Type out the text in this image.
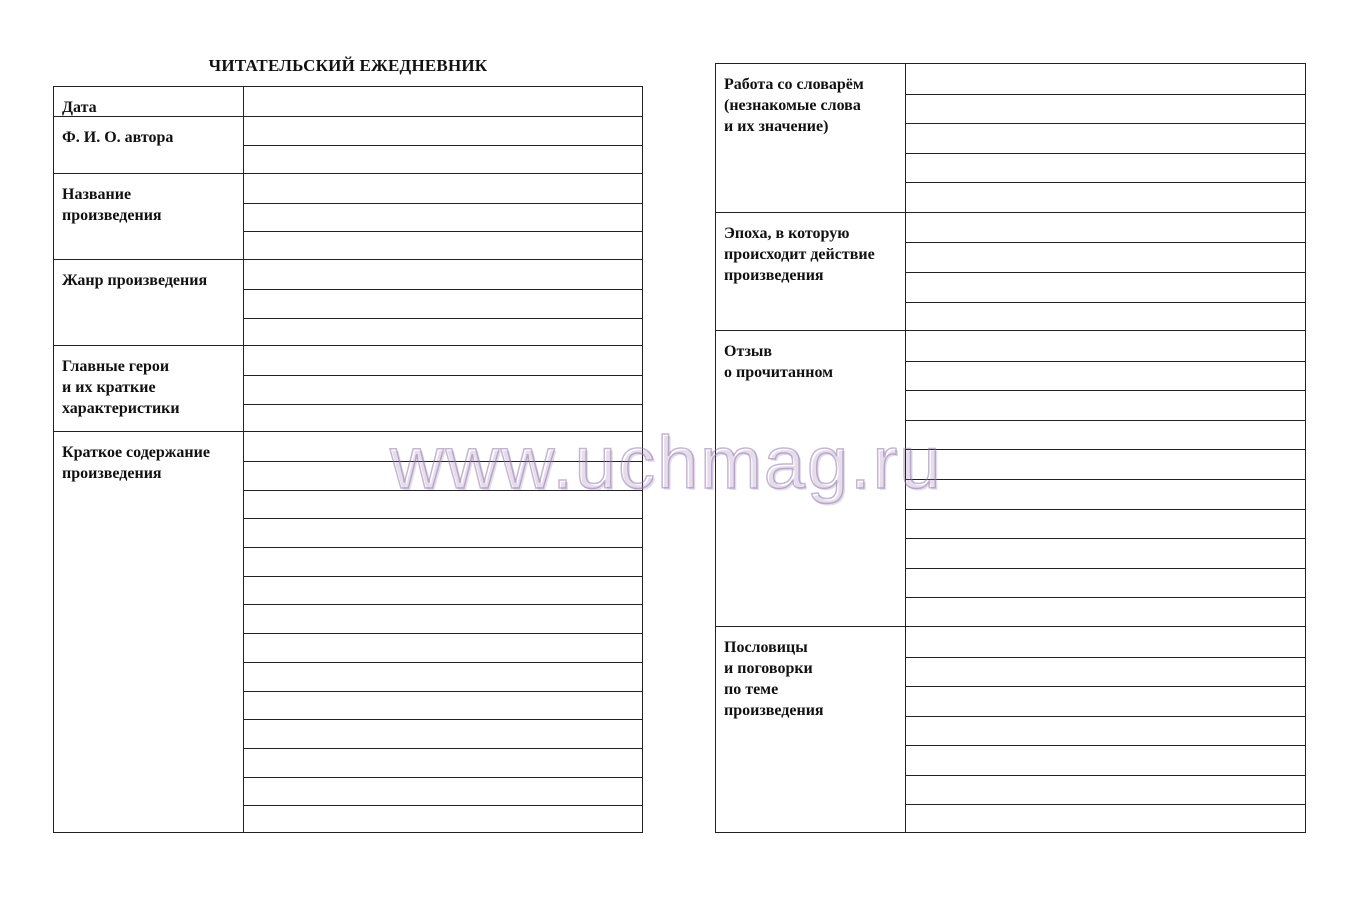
ЧИТАТЕЛЬСКИЙ ЕЖЕДНЕВНИК
Дата
Ф. И. О. автора
Название
произведения
Жанр произведения
Главные герои
и их краткие
характеристики
Краткое содержание
произведения
Работа со словарём
(незнакомые слова
и их значение)
Эпоха, в которую
происходит действие
произведения
Отзыв
о прочитанном
Пословицы
и поговорки
по теме
произведения
www.uchmag.ru
